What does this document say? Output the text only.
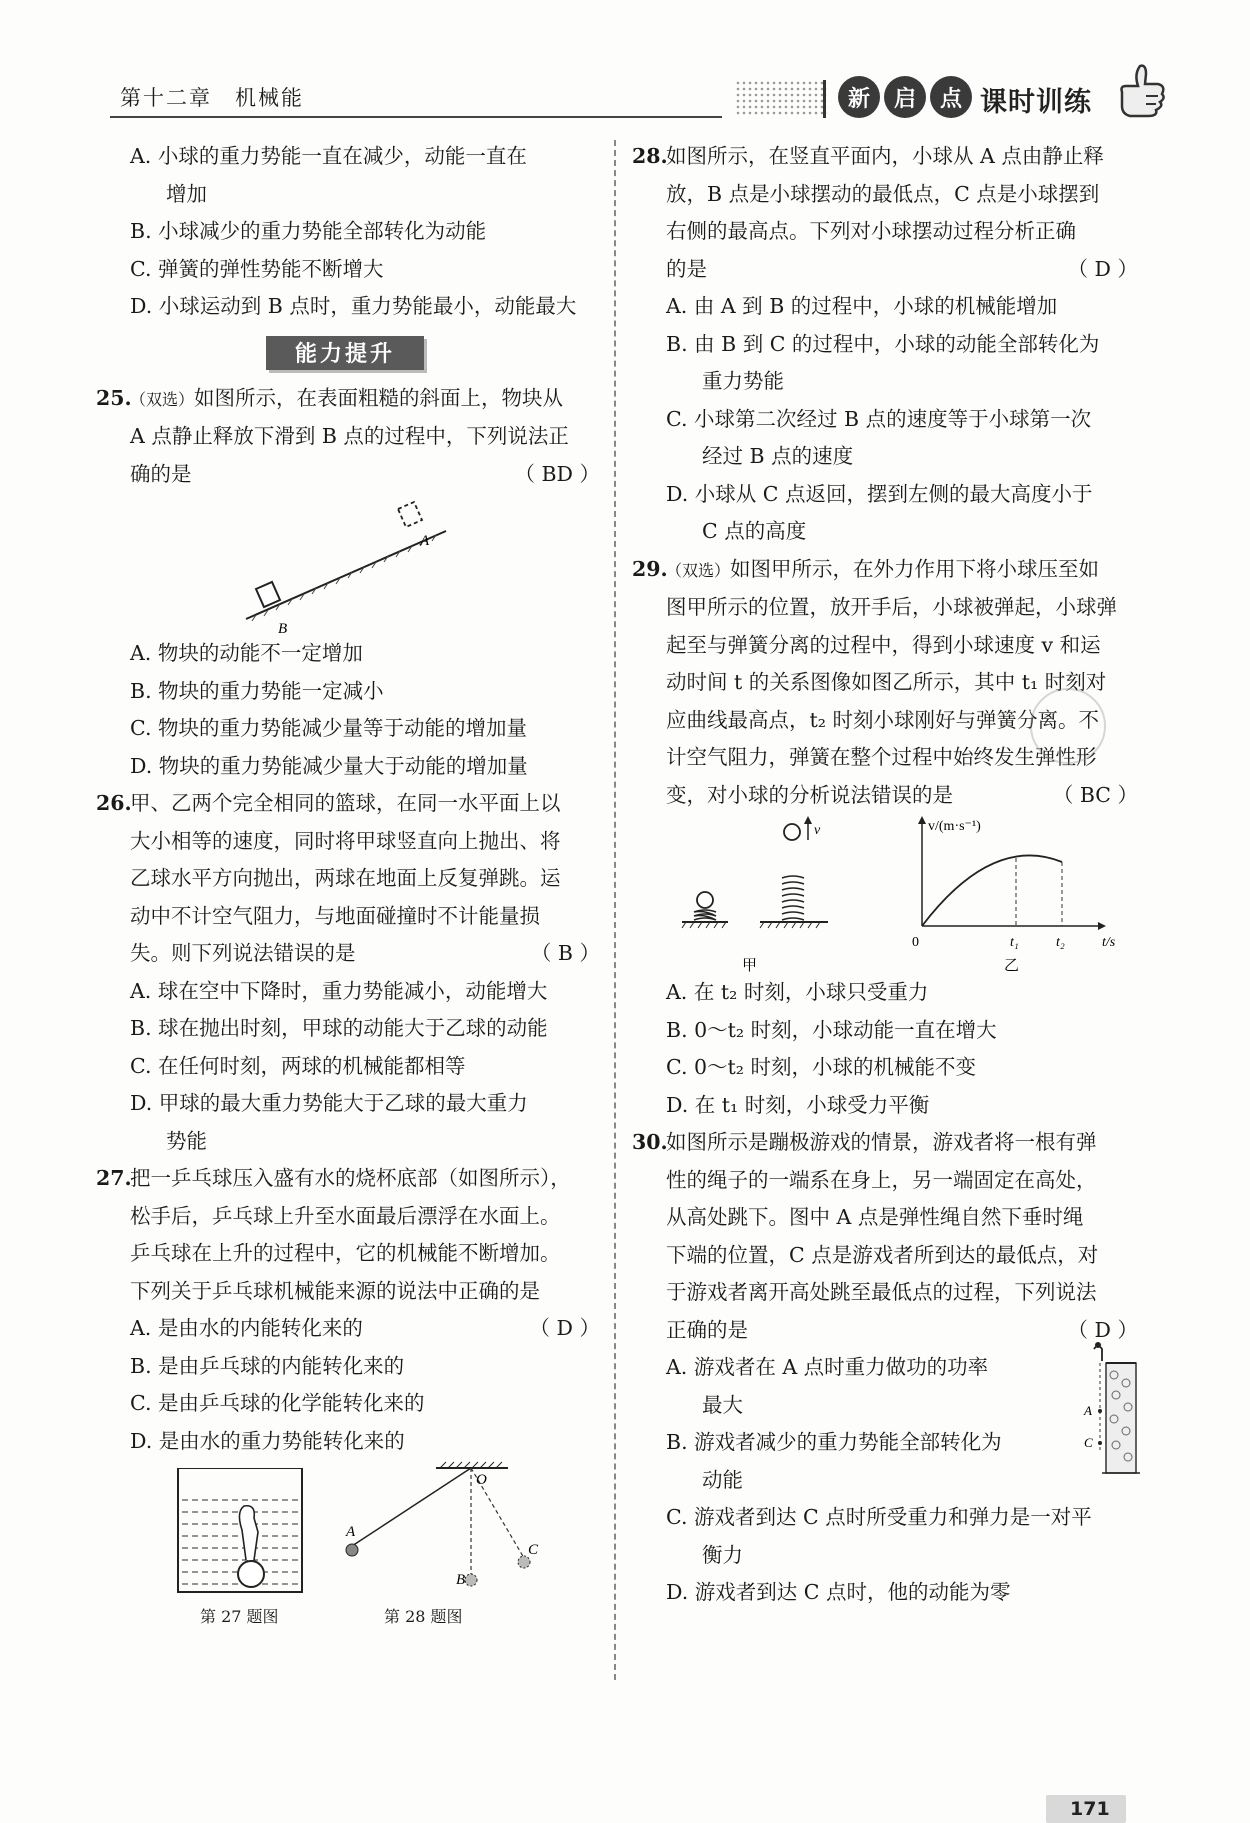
第十二章　机械能	新	启	点 课时训练
A. 小球的重力势能一直在减少，动能一直在
增加
B. 小球减少的重力势能全部转化为动能
C. 弹簧的弹性势能不断增大
D. 小球运动到 B 点时，重力势能最小，动能最大
能力提升
25.（双选）如图所示，在表面粗糙的斜面上，物块从
A 点静止释放下滑到 B 点的过程中，下列说法正
确的是	（ BD ）
A
B
A. 物块的动能不一定增加
B. 物块的重力势能一定减小
C. 物块的重力势能减少量等于动能的增加量
D. 物块的重力势能减少量大于动能的增加量
26.甲、乙两个完全相同的篮球，在同一水平面上以
大小相等的速度，同时将甲球竖直向上抛出、将
乙球水平方向抛出，两球在地面上反复弹跳。运
动中不计空气阻力，与地面碰撞时不计能量损
失。则下列说法错误的是	（ B ）
A. 球在空中下降时，重力势能减小，动能增大
B. 球在抛出时刻，甲球的动能大于乙球的动能
C. 在任何时刻，两球的机械能都相等
D. 甲球的最大重力势能大于乙球的最大重力
势能
27.把一乒乓球压入盛有水的烧杯底部（如图所示），
松手后，乒乓球上升至水面最后漂浮在水面上。
乒乓球在上升的过程中，它的机械能不断增加。
下列关于乒乓球机械能来源的说法中正确的是
（ D ）
A. 是由水的内能转化来的
B. 是由乒乓球的内能转化来的
C. 是由乒乓球的化学能转化来的
D. 是由水的重力势能转化来的
O
A
B
C
第 27 题图	第 28 题图
28.如图所示，在竖直平面内，小球从 A 点由静止释
放，B 点是小球摆动的最低点，C 点是小球摆到
右侧的最高点。下列对小球摆动过程分析正确
的是	（ D ）
A. 由 A 到 B 的过程中，小球的机械能增加
B. 由 B 到 C 的过程中，小球的动能全部转化为
重力势能
C. 小球第二次经过 B 点的速度等于小球第一次
经过 B 点的速度
D. 小球从 C 点返回，摆到左侧的最大高度小于
C 点的高度
29.（双选）如图甲所示，在外力作用下将小球压至如
图甲所示的位置，放开手后，小球被弹起，小球弹
起至与弹簧分离的过程中，得到小球速度 v 和运
动时间 t 的关系图像如图乙所示，其中 t₁ 时刻对
应曲线最高点，t₂ 时刻小球刚好与弹簧分离。不
计空气阻力，弹簧在整个过程中始终发生弹性形
变，对小球的分析说法错误的是	（ BC ）
v	v/(m·s⁻¹)
t/s
0	t₁	t₂
甲	乙
A. 在 t₂ 时刻，小球只受重力
B. 0～t₂ 时刻，小球动能一直在增大
C. 0～t₂ 时刻，小球的机械能不变
D. 在 t₁ 时刻，小球受力平衡
30.如图所示是蹦极游戏的情景，游戏者将一根有弹
性的绳子的一端系在身上，另一端固定在高处，
从高处跳下。图中 A 点是弹性绳自然下垂时绳
下端的位置，C 点是游戏者所到达的最低点，对
于游戏者离开高处跳至最低点的过程，下列说法
正确的是	（ D ）
A. 游戏者在 A 点时重力做功的功率
最大
B. 游戏者减少的重力势能全部转化为
动能
C. 游戏者到达 C 点时所受重力和弹力是一对平
衡力
D. 游戏者到达 C 点时，他的动能为零
A
C
171
